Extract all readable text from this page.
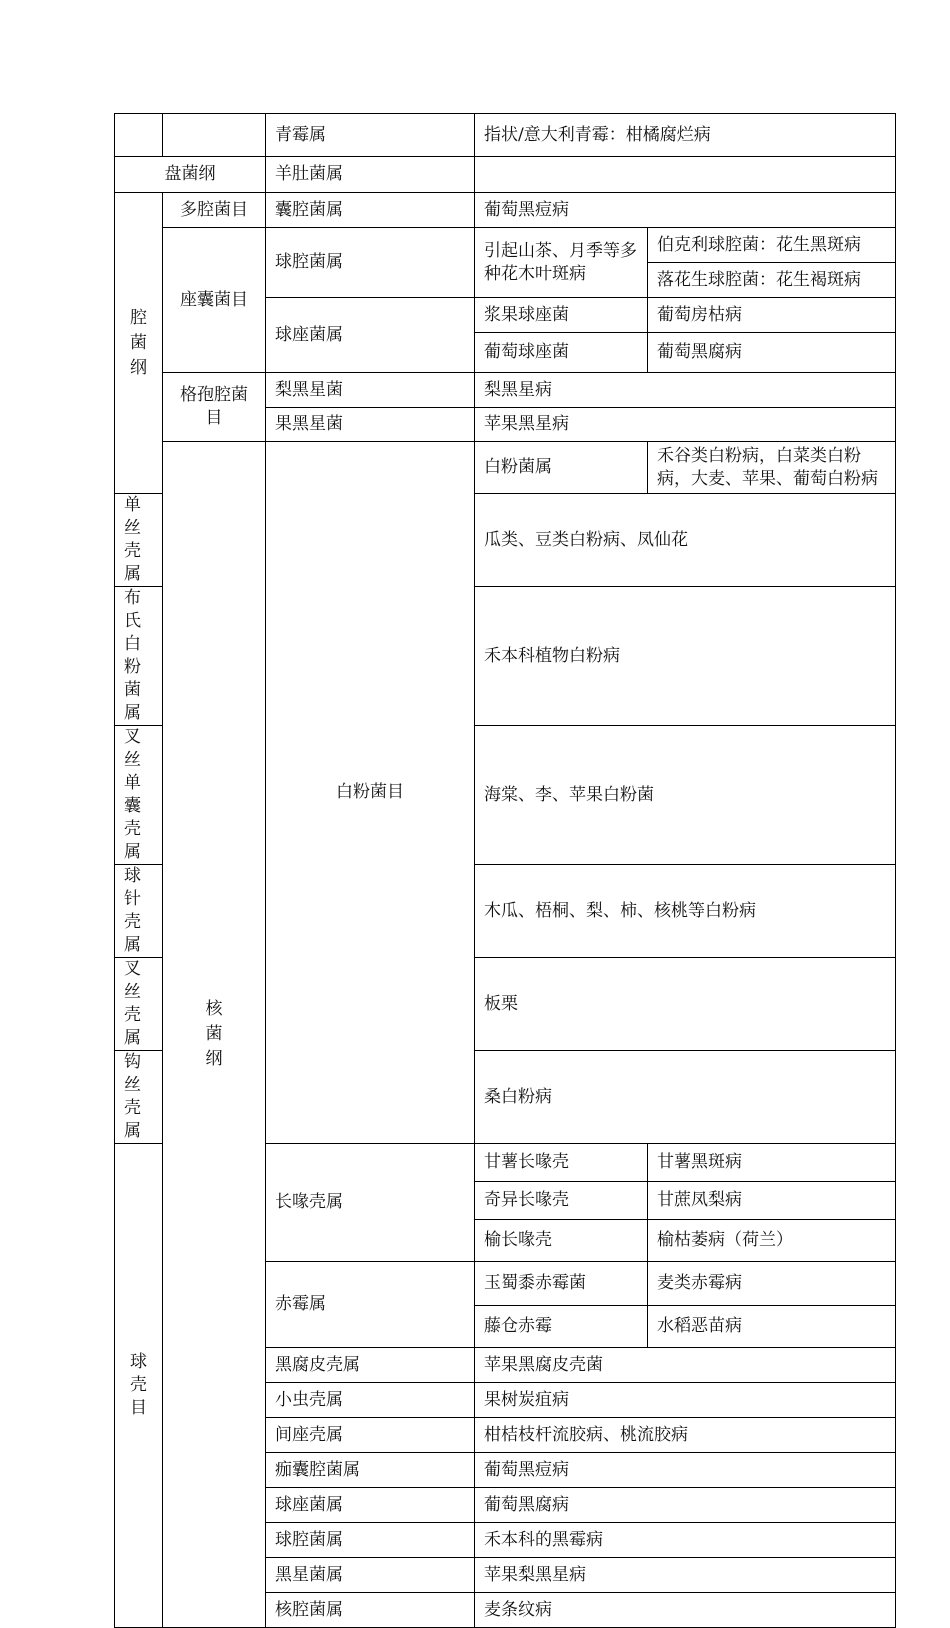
		青霉属	指状/意大利青霉：柑橘腐烂病	
盘菌纲		羊肚菌属		
腔菌纲	多腔菌目	囊腔菌属	葡萄黑痘病	
	座囊菌目	球腔菌属	引起山茶、月季等多种花木叶斑病	伯克利球腔菌：花生黑斑病
				落花生球腔菌：花生褐斑病
		球座菌属	浆果球座菌	葡萄房枯病
			葡萄球座菌	葡萄黑腐病
	格孢腔菌目	梨黑星菌	梨黑星病	
		果黑星菌	苹果黑星病	
	核菌纲	白粉菌目	白粉菌属	禾谷类白粉病，白菜类白粉病，大麦、苹果、葡萄白粉病
单丝壳属			瓜类、豆类白粉病、凤仙花	
布氏白粉菌属			禾本科植物白粉病	
叉丝单囊壳属			海棠、李、苹果白粉菌	
球针壳属			木瓜、梧桐、梨、柿、核桃等白粉病	
叉丝壳属			板栗	
钩丝壳属			桑白粉病	
球壳目		长喙壳属	甘薯长喙壳	甘薯黑斑病
			奇异长喙壳	甘蔗凤梨病
			榆长喙壳	榆枯萎病（荷兰）
		赤霉属	玉蜀黍赤霉菌	麦类赤霉病
			藤仓赤霉	水稻恶苗病
		黑腐皮壳属	苹果黑腐皮壳菌	
		小虫壳属	果树炭疽病	
		间座壳属	柑桔枝杆流胶病、桃流胶病	
		痂囊腔菌属	葡萄黑痘病	
		球座菌属	葡萄黑腐病	
		球腔菌属	禾本科的黑霉病	
		黑星菌属	苹果梨黑星病	
		核腔菌属	麦条纹病	
